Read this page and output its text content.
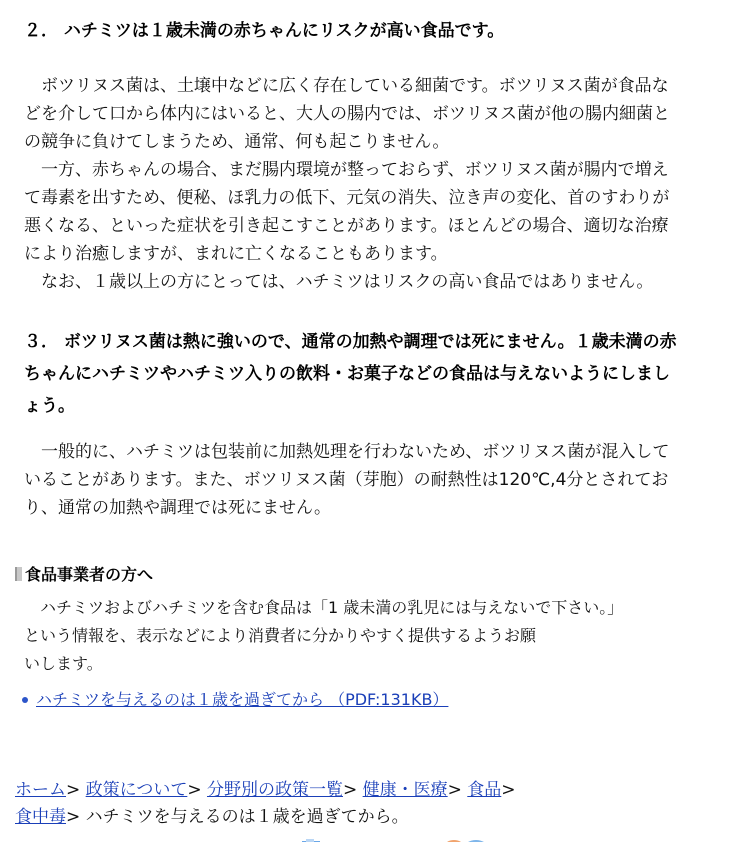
２． ハチミツは１歳未満の赤ちゃんにリスクが高い食品です。
　ボツリヌス菌は、土壌中などに広く存在している細菌です。ボツリヌス菌が食品な
どを介して口から体内にはいると、大人の腸内では、ボツリヌス菌が他の腸内細菌と
の競争に負けてしまうため、通常、何も起こりません。
　一方、赤ちゃんの場合、まだ腸内環境が整っておらず、ボツリヌス菌が腸内で増え
て毒素を出すため、便秘、ほ乳力の低下、元気の消失、泣き声の変化、首のすわりが
悪くなる、といった症状を引き起こすことがあります。ほとんどの場合、適切な治療
により治癒しますが、まれに亡くなることもあります。
　なお、１歳以上の方にとっては、ハチミツはリスクの高い食品ではありません。
３． ボツリヌス菌は熱に強いので、通常の加熱や調理では死にません。１歳未満の赤
ちゃんにハチミツやハチミツ入りの飲料・お菓子などの食品は与えないようにしまし
ょう。
　一般的に、ハチミツは包装前に加熱処理を行わないため、ボツリヌス菌が混入して
いることがあります。また、ボツリヌス菌（芽胞）の耐熱性は120℃,4分とされてお
り、通常の加熱や調理では死にません。
食品事業者の方へ
　ハチミツおよびハチミツを含む食品は「1 歳未満の乳児には与えないで下さい。」
という情報を、表示などにより消費者に分かりやすく提供するようお願
いします。
ハチミツを与えるのは１歳を過ぎてから （PDF:131KB）
ホーム> 政策について> 分野別の政策一覧> 健康・医療> 食品>
食中毒> ハチミツを与えるのは１歳を過ぎてから。
